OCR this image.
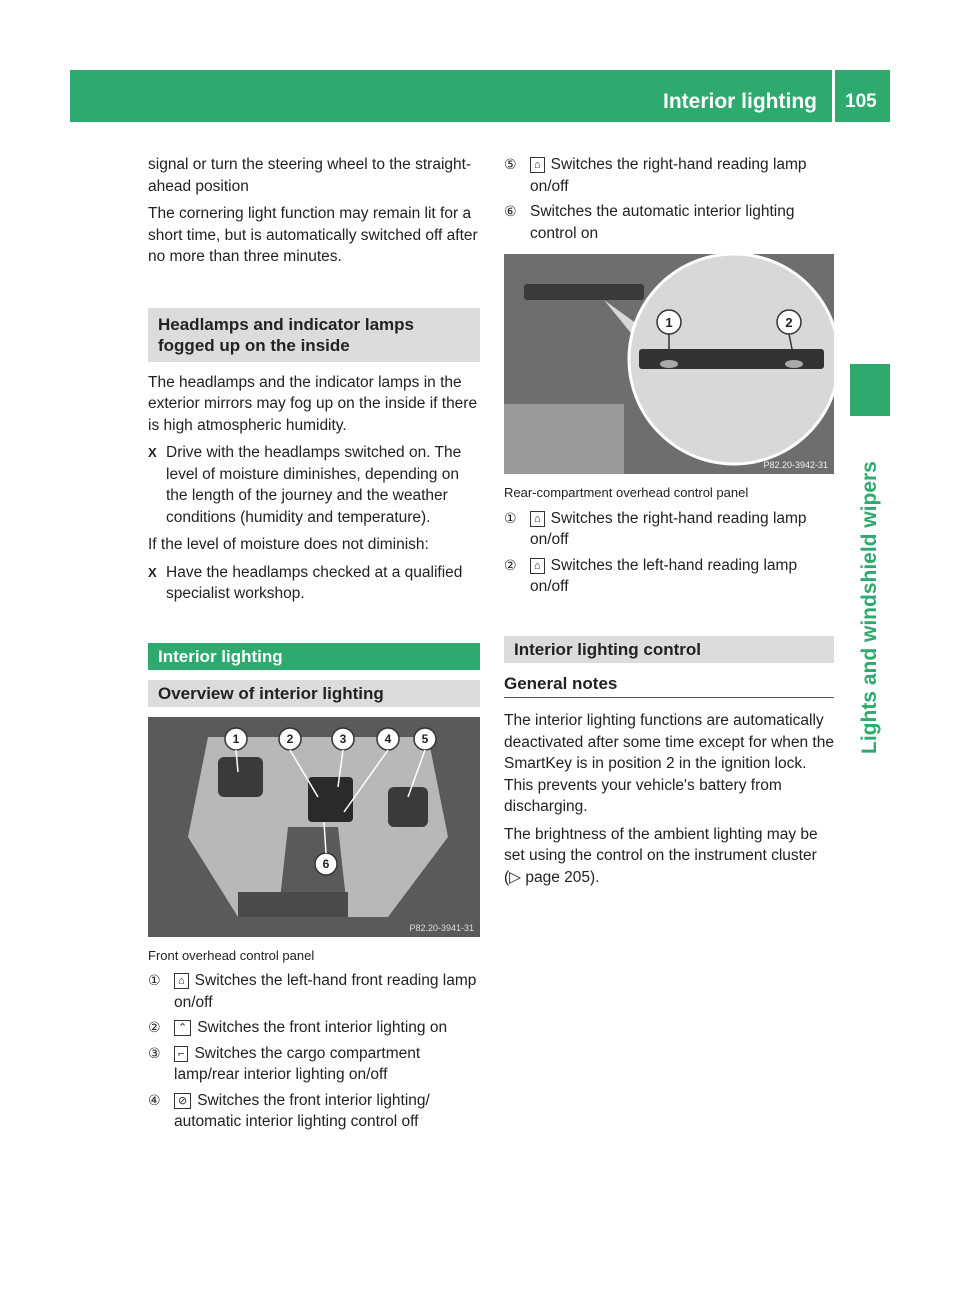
Interior lighting 105
Lights and windshield wipers

signal or turn the steering wheel to the straight-ahead position

The cornering light function may remain lit for a short time, but is automatically switched off after no more than three minutes.

Headlamps and indicator lamps fogged up on the inside

The headlamps and the indicator lamps in the exterior mirrors may fog up on the inside if there is high atmospheric humidity.

X Drive with the headlamps switched on. The level of moisture diminishes, depending on the length of the journey and the weather conditions (humidity and temperature).

If the level of moisture does not diminish:

X Have the headlamps checked at a qualified specialist workshop.
Interior lighting
Overview of interior lighting
1	2	3	4	5
6
P82.20-3941-31
Front overhead control panel
① ⌂ Switches the left-hand front reading lamp on/off
② ⌃ Switches the front interior lighting on
③ ⌐ Switches the cargo compartment lamp/rear interior lighting on/off
④ ⊘ Switches the front interior lighting/ automatic interior lighting control off
⑤ ⌂ Switches the right-hand reading lamp on/off
⑥ Switches the automatic interior lighting control on
1	2
P82.20-3942-31
Rear-compartment overhead control panel
① ⌂ Switches the right-hand reading lamp on/off
② ⌂ Switches the left-hand reading lamp on/off
Interior lighting control
General notes

The interior lighting functions are automatically deactivated after some time except for when the SmartKey is in position 2 in the ignition lock. This prevents your vehicle's battery from discharging.

The brightness of the ambient lighting may be set using the control on the instrument cluster (▷ page 205).
